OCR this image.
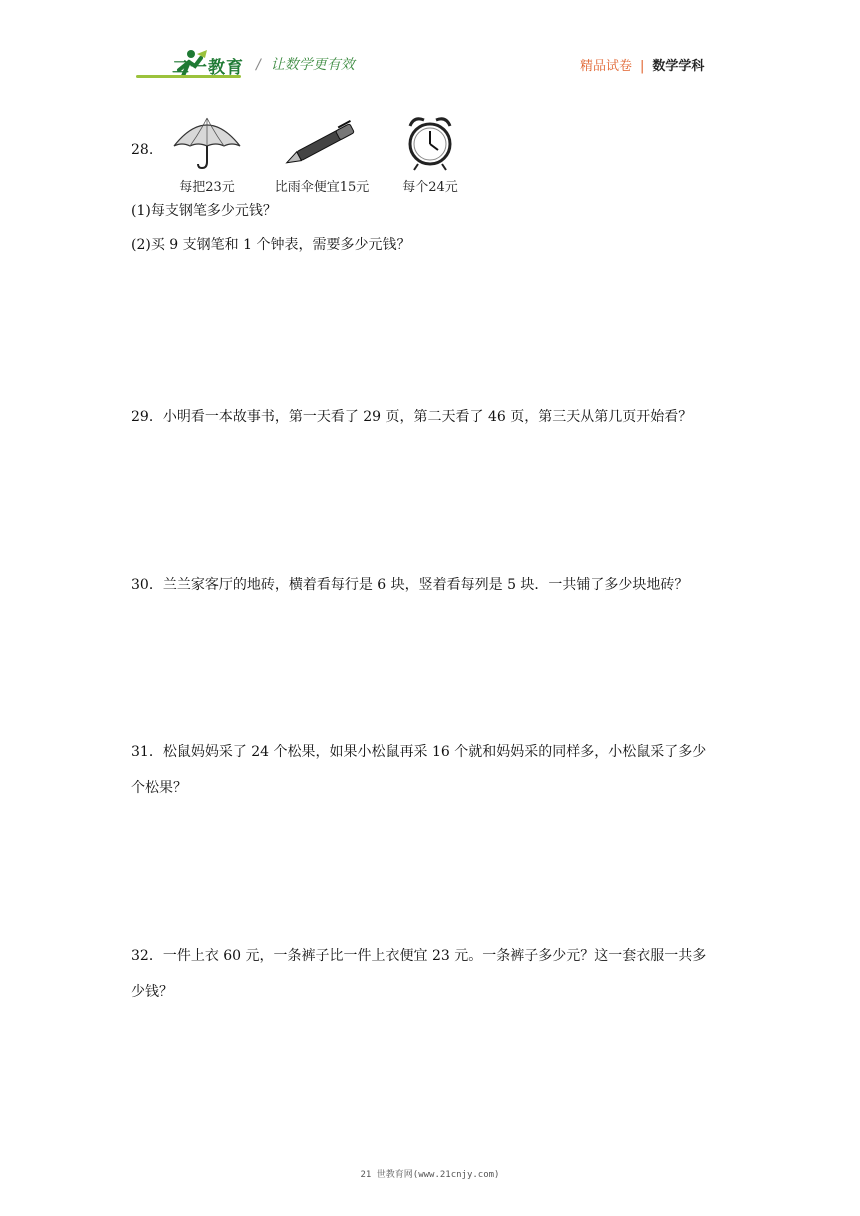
二一教育 / 让数学更有效	精品试卷 | 数学学科
28.
每把23元	比雨伞便宜15元	每个24元
(1)每支钢笔多少元钱？
(2)买 9 支钢笔和 1 个钟表，需要多少元钱？
29．小明看一本故事书，第一天看了 29 页，第二天看了 46 页，第三天从第几页开始看？
30．兰兰家客厅的地砖，横着看每行是 6 块，竖着看每列是 5 块．一共铺了多少块地砖？
31．松鼠妈妈采了 24 个松果，如果小松鼠再采 16 个就和妈妈采的同样多，小松鼠采了多少
个松果？
32．一件上衣 60 元，一条裤子比一件上衣便宜 23 元。一条裤子多少元？这一套衣服一共多
少钱？
21 世教育网(www.21cnjy.com)
